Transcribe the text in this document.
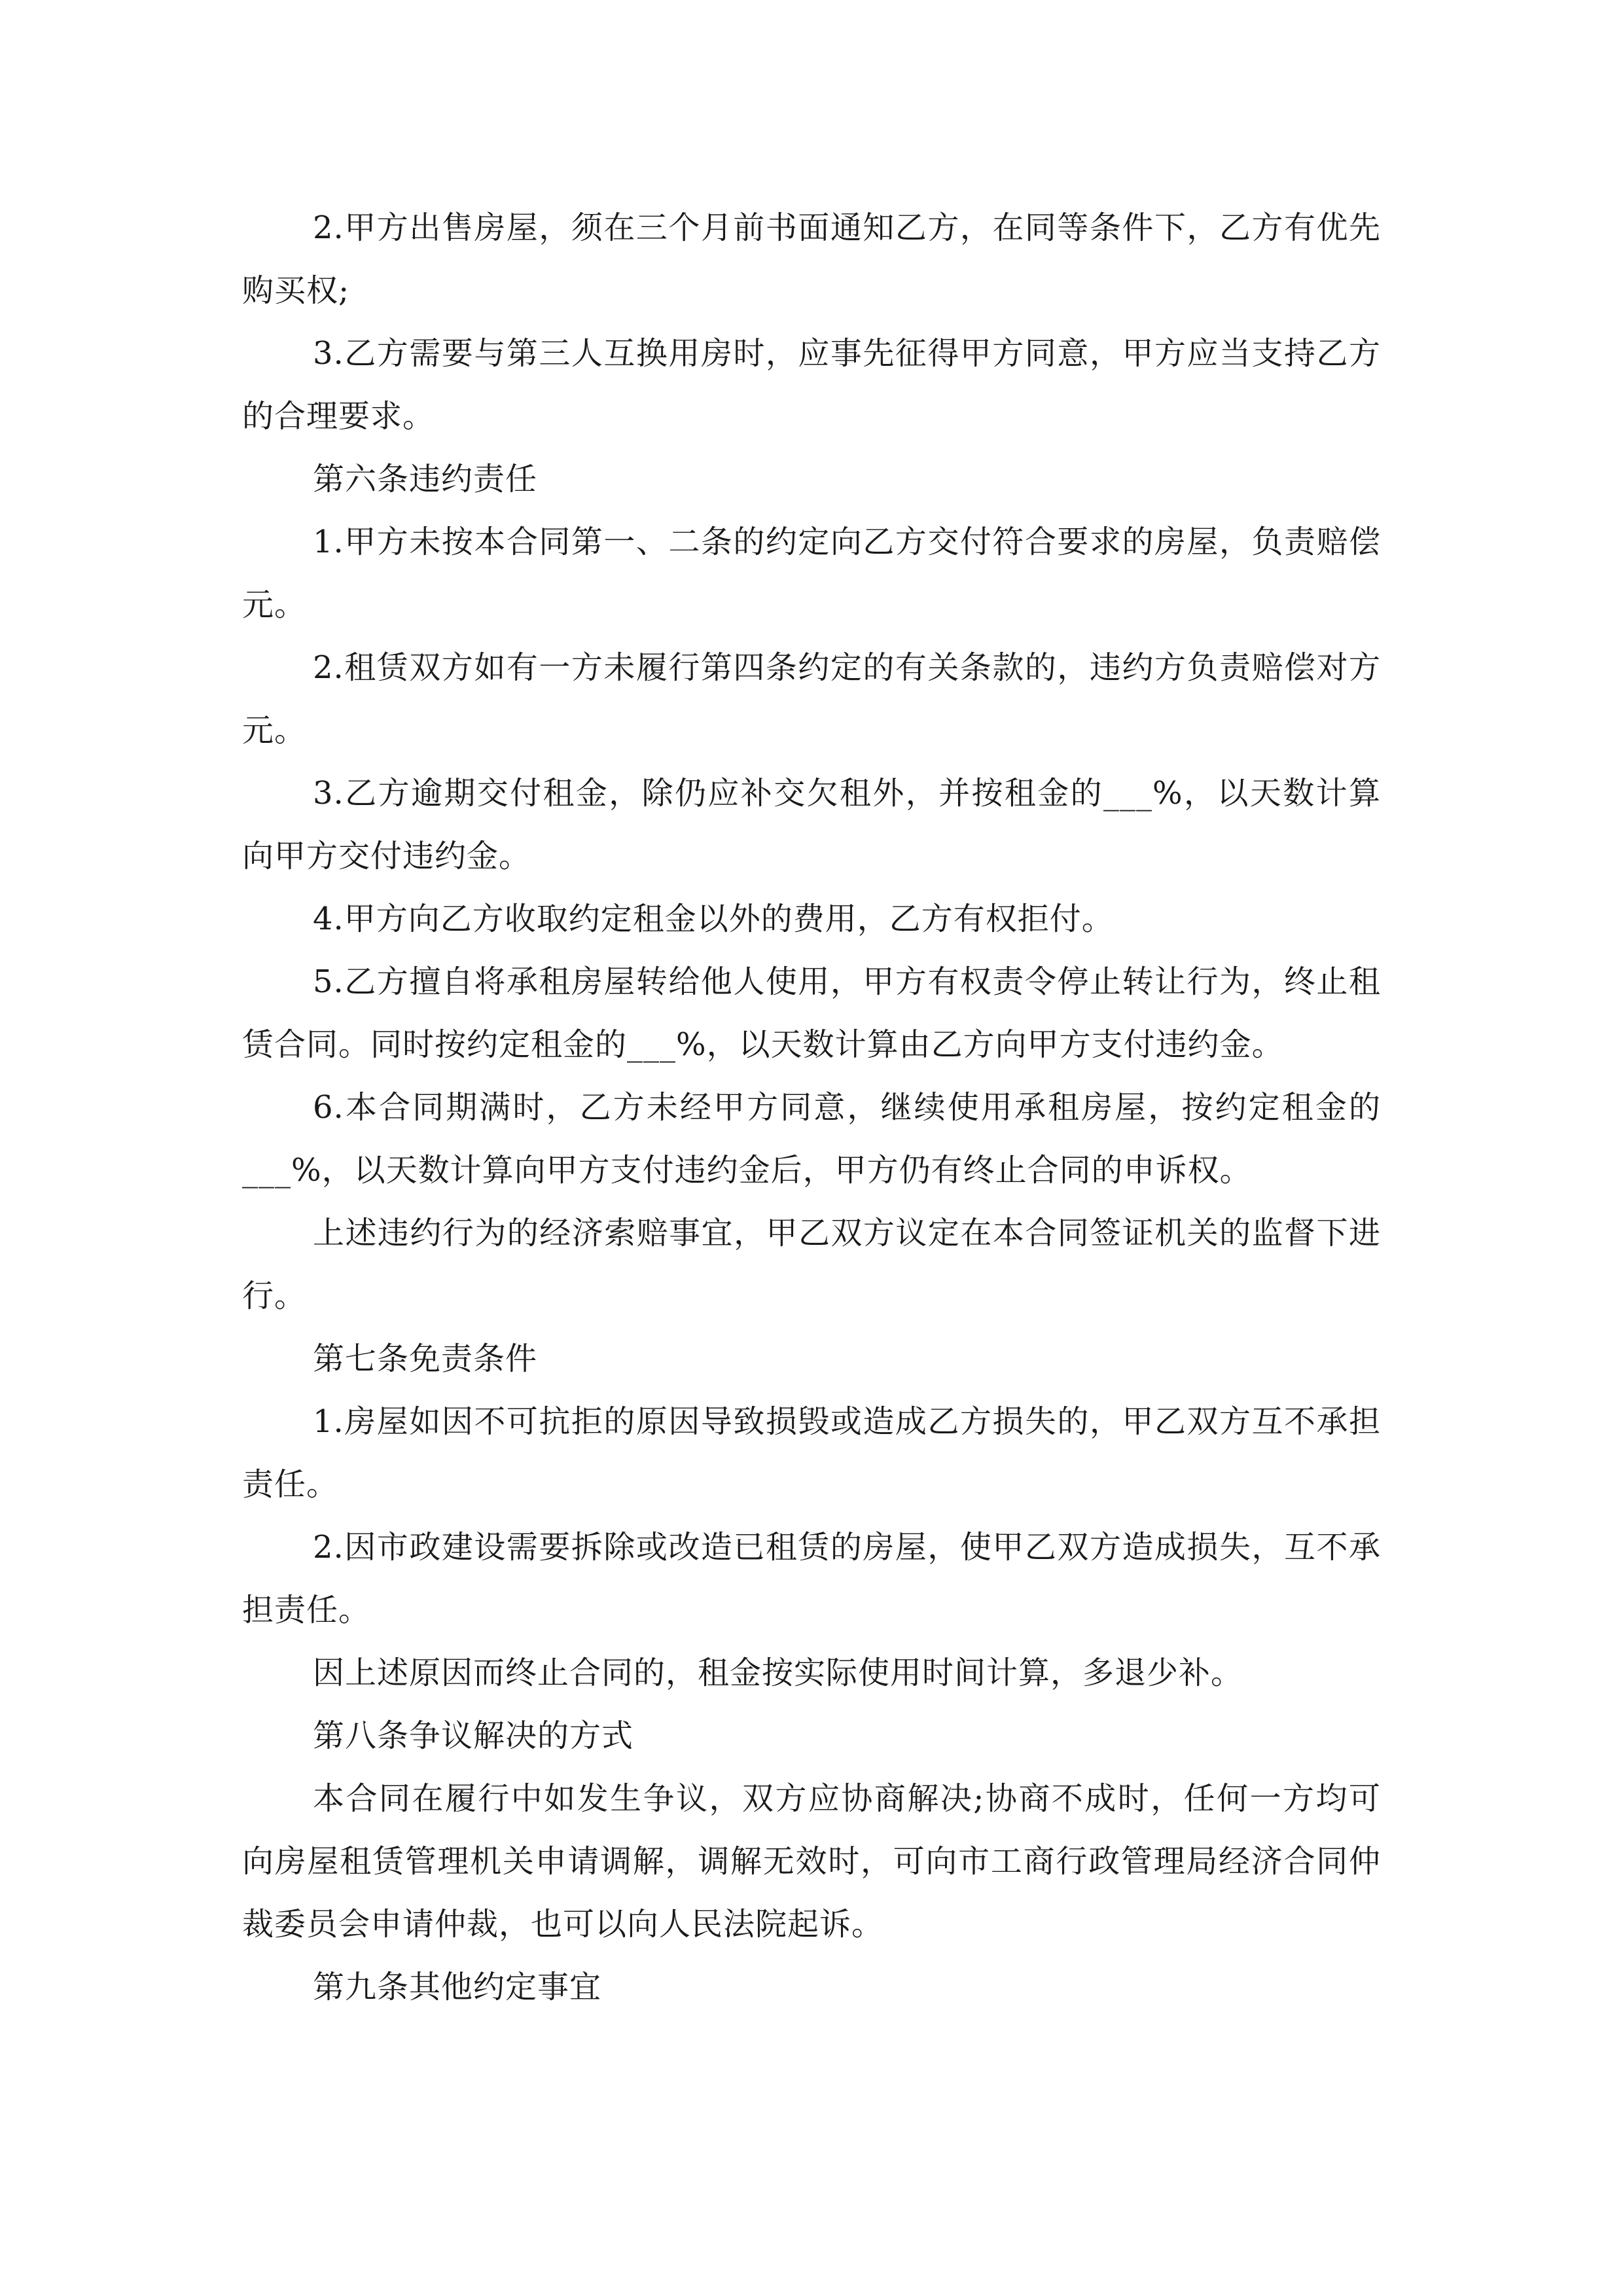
2.甲方出售房屋，须在三个月前书面通知乙方，在同等条件下，乙方有优先购买权;

3.乙方需要与第三人互换用房时，应事先征得甲方同意，甲方应当支持乙方的合理要求。

第六条违约责任

1.甲方未按本合同第一、二条的约定向乙方交付符合要求的房屋，负责赔偿元。

2.租赁双方如有一方未履行第四条约定的有关条款的，违约方负责赔偿对方元。

3.乙方逾期交付租金，除仍应补交欠租外，并按租金的___%，以天数计算向甲方交付违约金。

4.甲方向乙方收取约定租金以外的费用，乙方有权拒付。

5.乙方擅自将承租房屋转给他人使用，甲方有权责令停止转让行为，终止租赁合同。同时按约定租金的___%，以天数计算由乙方向甲方支付违约金。

6.本合同期满时，乙方未经甲方同意，继续使用承租房屋，按约定租金的___%，以天数计算向甲方支付违约金后，甲方仍有终止合同的申诉权。

上述违约行为的经济索赔事宜，甲乙双方议定在本合同签证机关的监督下进行。

第七条免责条件

1.房屋如因不可抗拒的原因导致损毁或造成乙方损失的，甲乙双方互不承担责任。

2.因市政建设需要拆除或改造已租赁的房屋，使甲乙双方造成损失，互不承担责任。

因上述原因而终止合同的，租金按实际使用时间计算，多退少补。

第八条争议解决的方式

本合同在履行中如发生争议，双方应协商解决;协商不成时，任何一方均可向房屋租赁管理机关申请调解，调解无效时，可向市工商行政管理局经济合同仲裁委员会申请仲裁，也可以向人民法院起诉。

第九条其他约定事宜
